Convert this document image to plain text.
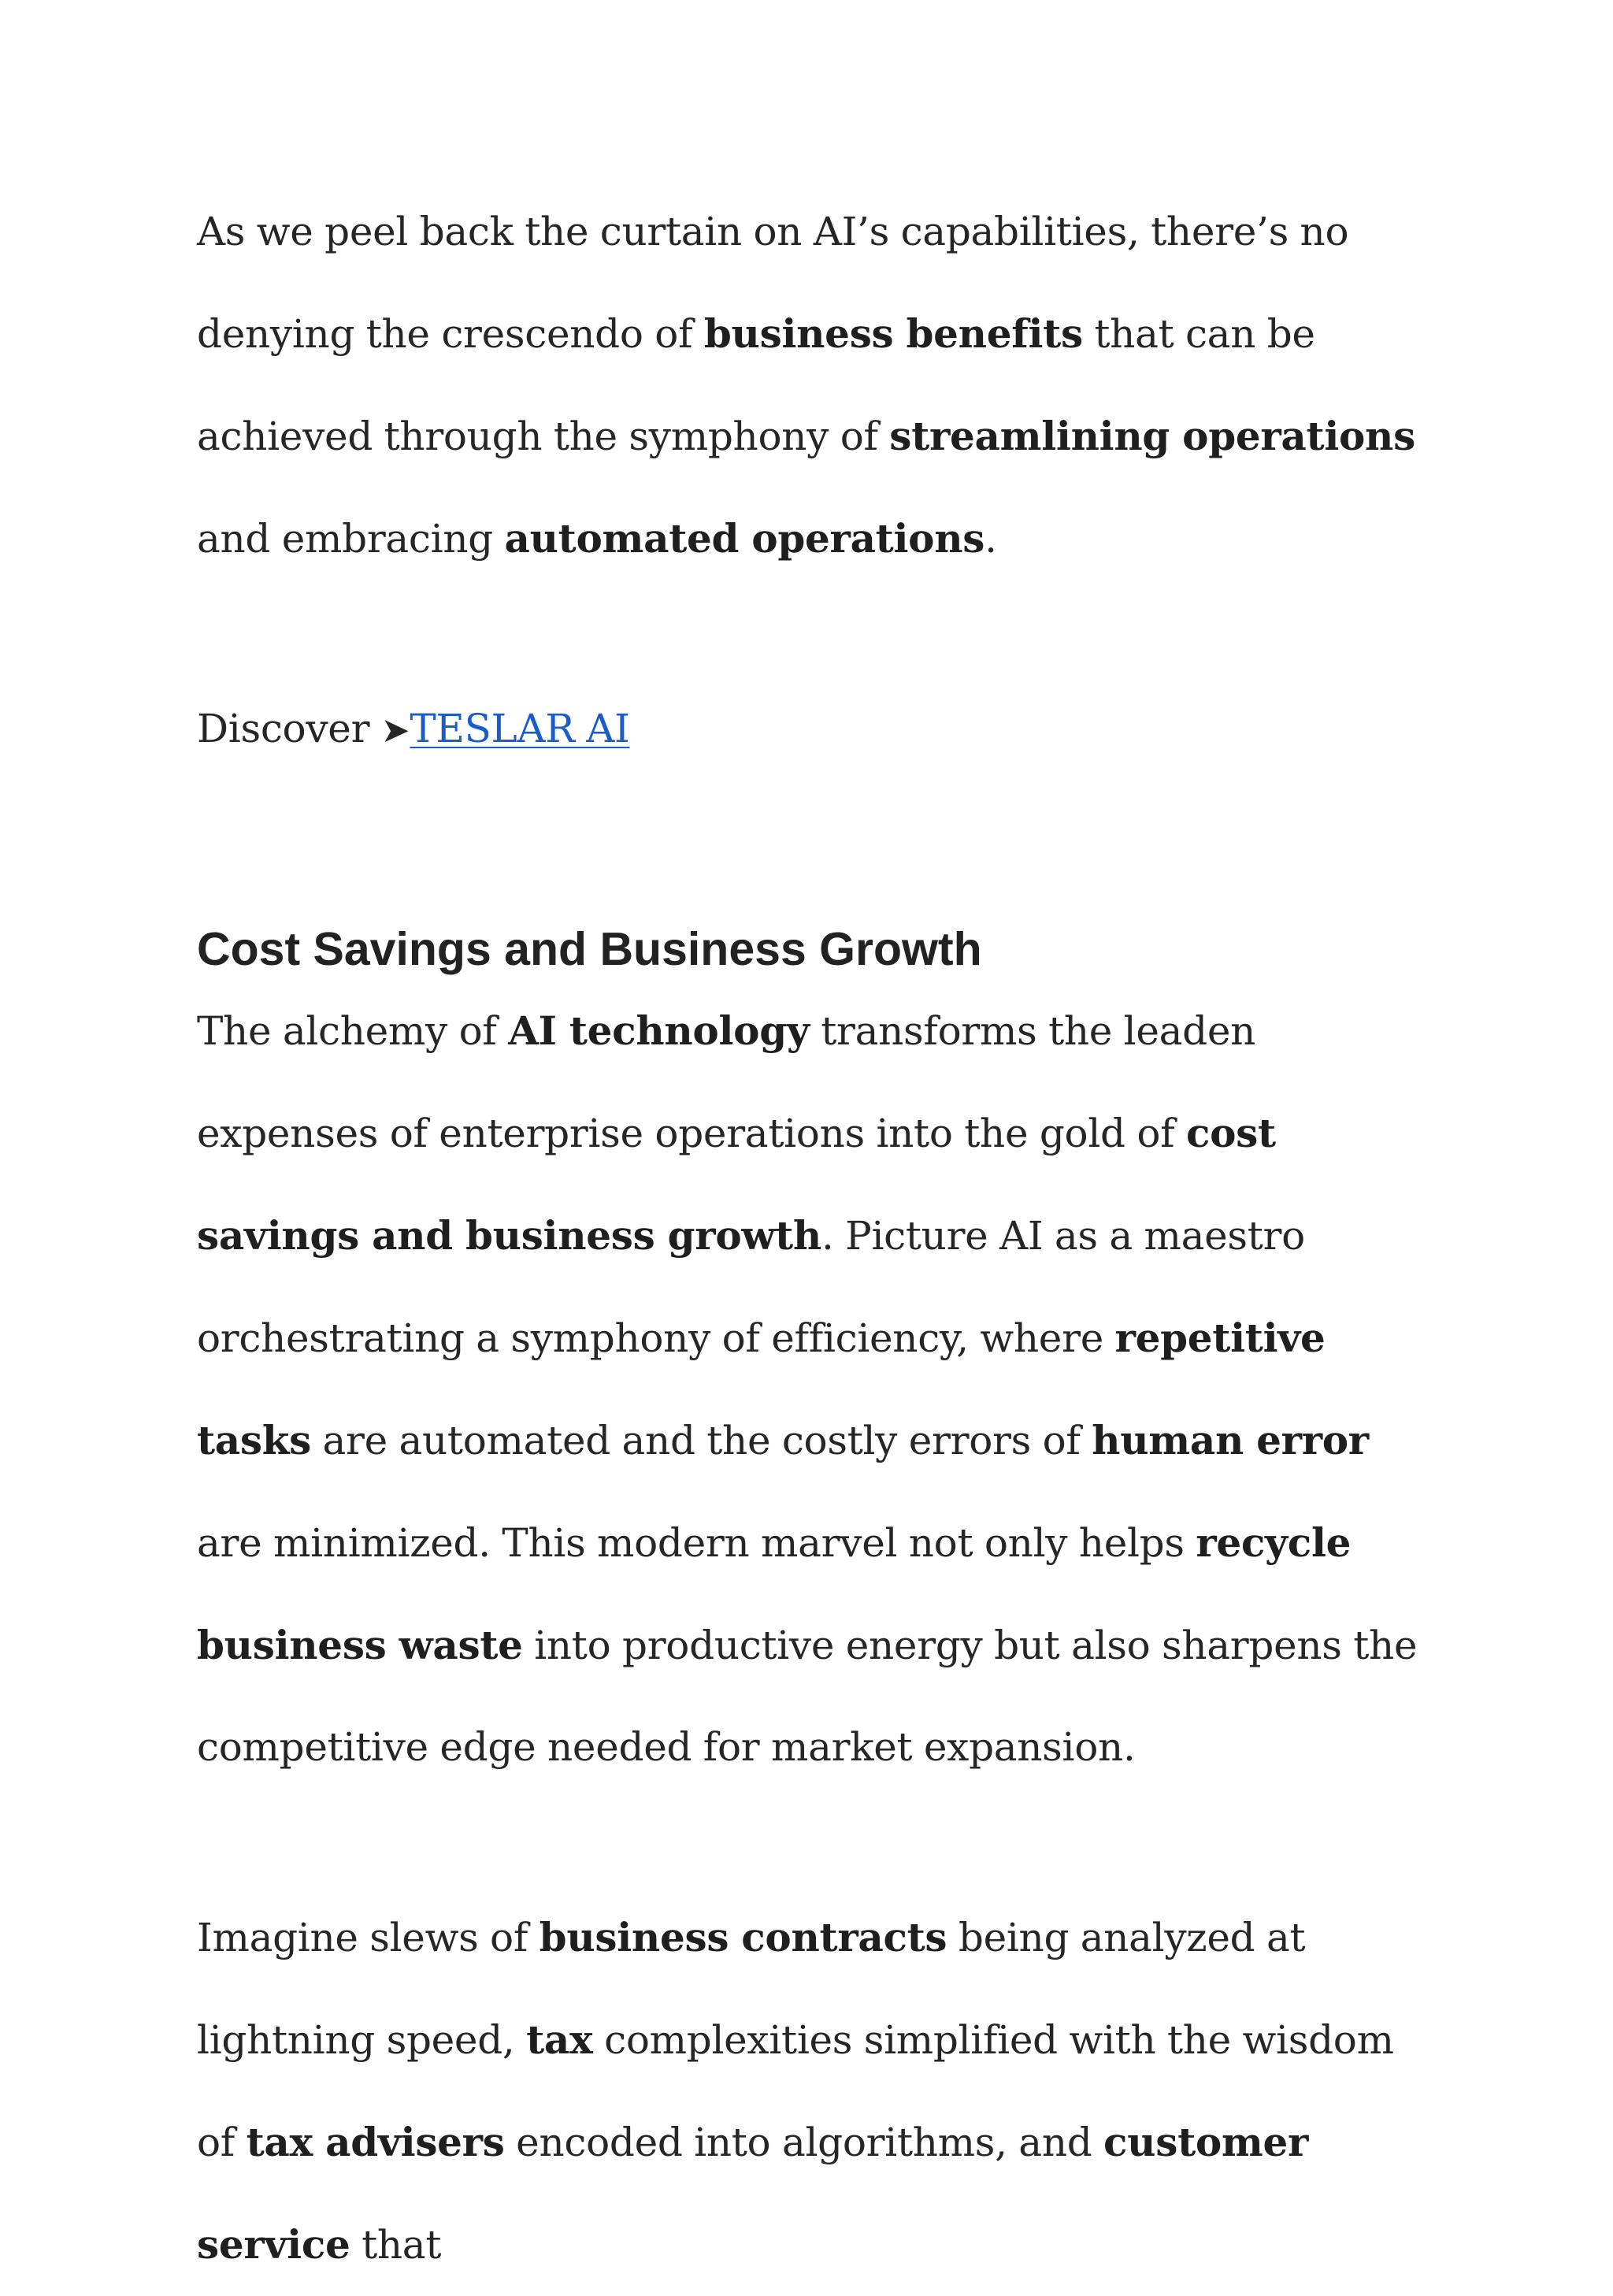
As we peel back the curtain on AI’s capabilities, there’s no denying the crescendo of business benefits that can be achieved through the symphony of streamlining operations and embracing automated operations.

Discover ➤TESLAR AI

Cost Savings and Business Growth

The alchemy of AI technology transforms the leaden expenses of enterprise operations into the gold of cost savings and business growth. Picture AI as a maestro orchestrating a symphony of efficiency, where repetitive tasks are automated and the costly errors of human error are minimized. This modern marvel not only helps recycle business waste into productive energy but also sharpens the competitive edge needed for market expansion.

Imagine slews of business contracts being analyzed at lightning speed, tax complexities simplified with the wisdom of tax advisers encoded into algorithms, and customer service that
